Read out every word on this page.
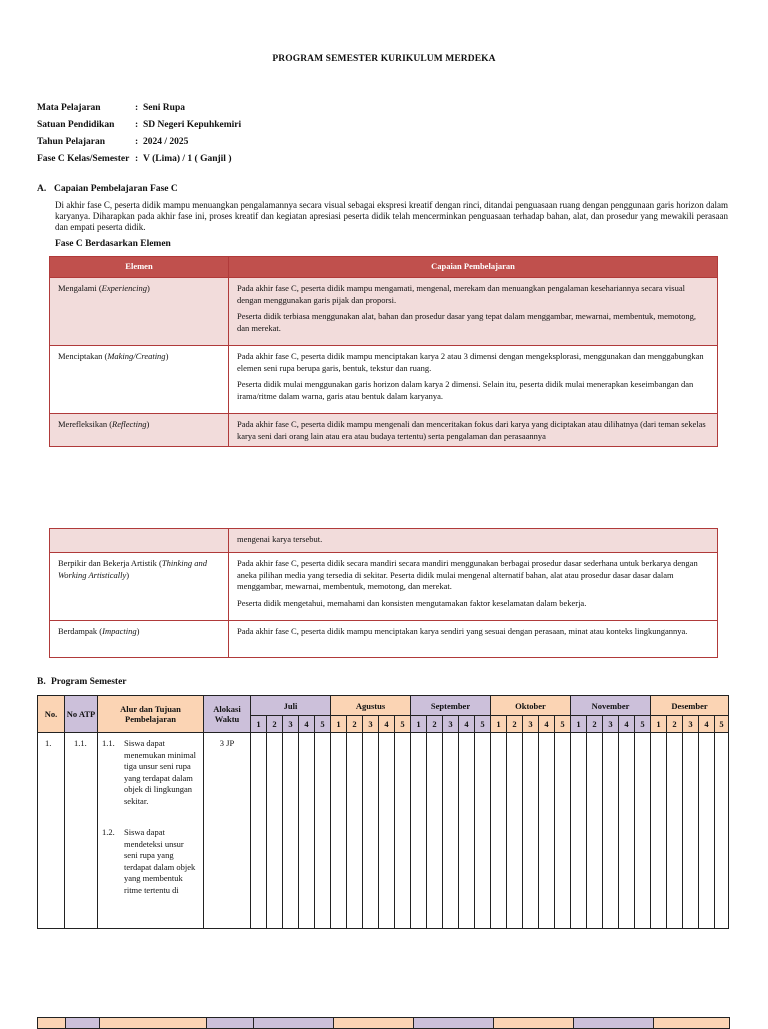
PROGRAM SEMESTER KURIKULUM MERDEKA
Mata Pelajaran	: Seni Rupa
Satuan Pendidikan : SD Negeri Kepuhkemiri
Tahun Pelajaran	: 2024 / 2025
Fase C Kelas/Semester : V (Lima) / 1 ( Ganjil )
A. Capaian Pembelajaran Fase C
Di akhir fase C, peserta didik mampu menuangkan pengalamannya secara visual sebagai ekspresi kreatif dengan rinci, ditandai penguasaan ruang dengan penggunaan garis horizon dalam karyanya. Diharapkan pada akhir fase ini, proses kreatif dan kegiatan apresiasi peserta didik telah mencerminkan penguasaan terhadap bahan, alat, dan prosedur yang mewakili perasaan dan empati peserta didik.
Fase C Berdasarkan Elemen
Elemen	Capaian Pembelajaran
Mengalami (Experiencing)	Pada akhir fase C, peserta didik mampu mengamati, mengenal, merekam dan menuangkan pengalaman kesehariannya secara visual dengan menggunakan garis pijak dan proporsi.

Peserta didik terbiasa menggunakan alat, bahan dan prosedur dasar yang tepat dalam menggambar, mewarnai, membentuk, memotong, dan merekat.

Menciptakan (Making/Creating)	Pada akhir fase C, peserta didik mampu menciptakan karya 2 atau 3 dimensi dengan mengeksplorasi, menggunakan dan menggabungkan elemen seni rupa berupa garis, bentuk, tekstur dan ruang.

Peserta didik mulai menggunakan garis horizon dalam karya 2 dimensi. Selain itu, peserta didik mulai menerapkan keseimbangan dan irama/ritme dalam warna, garis atau bentuk dalam karyanya.

Merefleksikan (Reflecting)	Pada akhir fase C, peserta didik mampu mengenali dan menceritakan fokus dari karya yang diciptakan atau dilihatnya (dari teman sekelas karya seni dari orang lain atau era atau budaya tertentu) serta pengalaman dan perasaannya

	mengenai karya tersebut.

Berpikir dan Bekerja Artistik (Thinking and Working Artistically)	Pada akhir fase C, peserta didik secara mandiri secara mandiri menggunakan berbagai prosedur dasar sederhana untuk berkarya dengan aneka pilihan media yang tersedia di sekitar. Peserta didik mulai mengenal alternatif bahan, alat atau prosedur dasar dasar dalam menggambar, mewarnai, membentuk, memotong, dan merekat.

Peserta didik mengetahui, memahami dan konsisten mengutamakan faktor keselamatan dalam bekerja.

Berdampak (Impacting)	Pada akhir fase C, peserta didik mampu menciptakan karya sendiri yang sesuai dengan perasaan, minat atau konteks lingkungannya.

B. Program Semester
No.	No ATP	Alur dan Tujuan Pembelajaran	Alokasi Waktu	Juli					Agustus					September					Oktober					November					Desember				
				1	2	3	4	5	1	2	3	4	5	1	2	3	4	5	1	2	3	4	5	1	2	3	4	5	1	2	3	4	5
1.	1.1.	1.1. Siswa dapat menemukan minimal tiga unsur seni rupa yang terdapat dalam objek di lingkungan sekitar.
1.2. Siswa dapat mendeteksi unsur seni rupa yang terdapat dalam objek yang membentuk ritme tertentu di	3 JP																														
